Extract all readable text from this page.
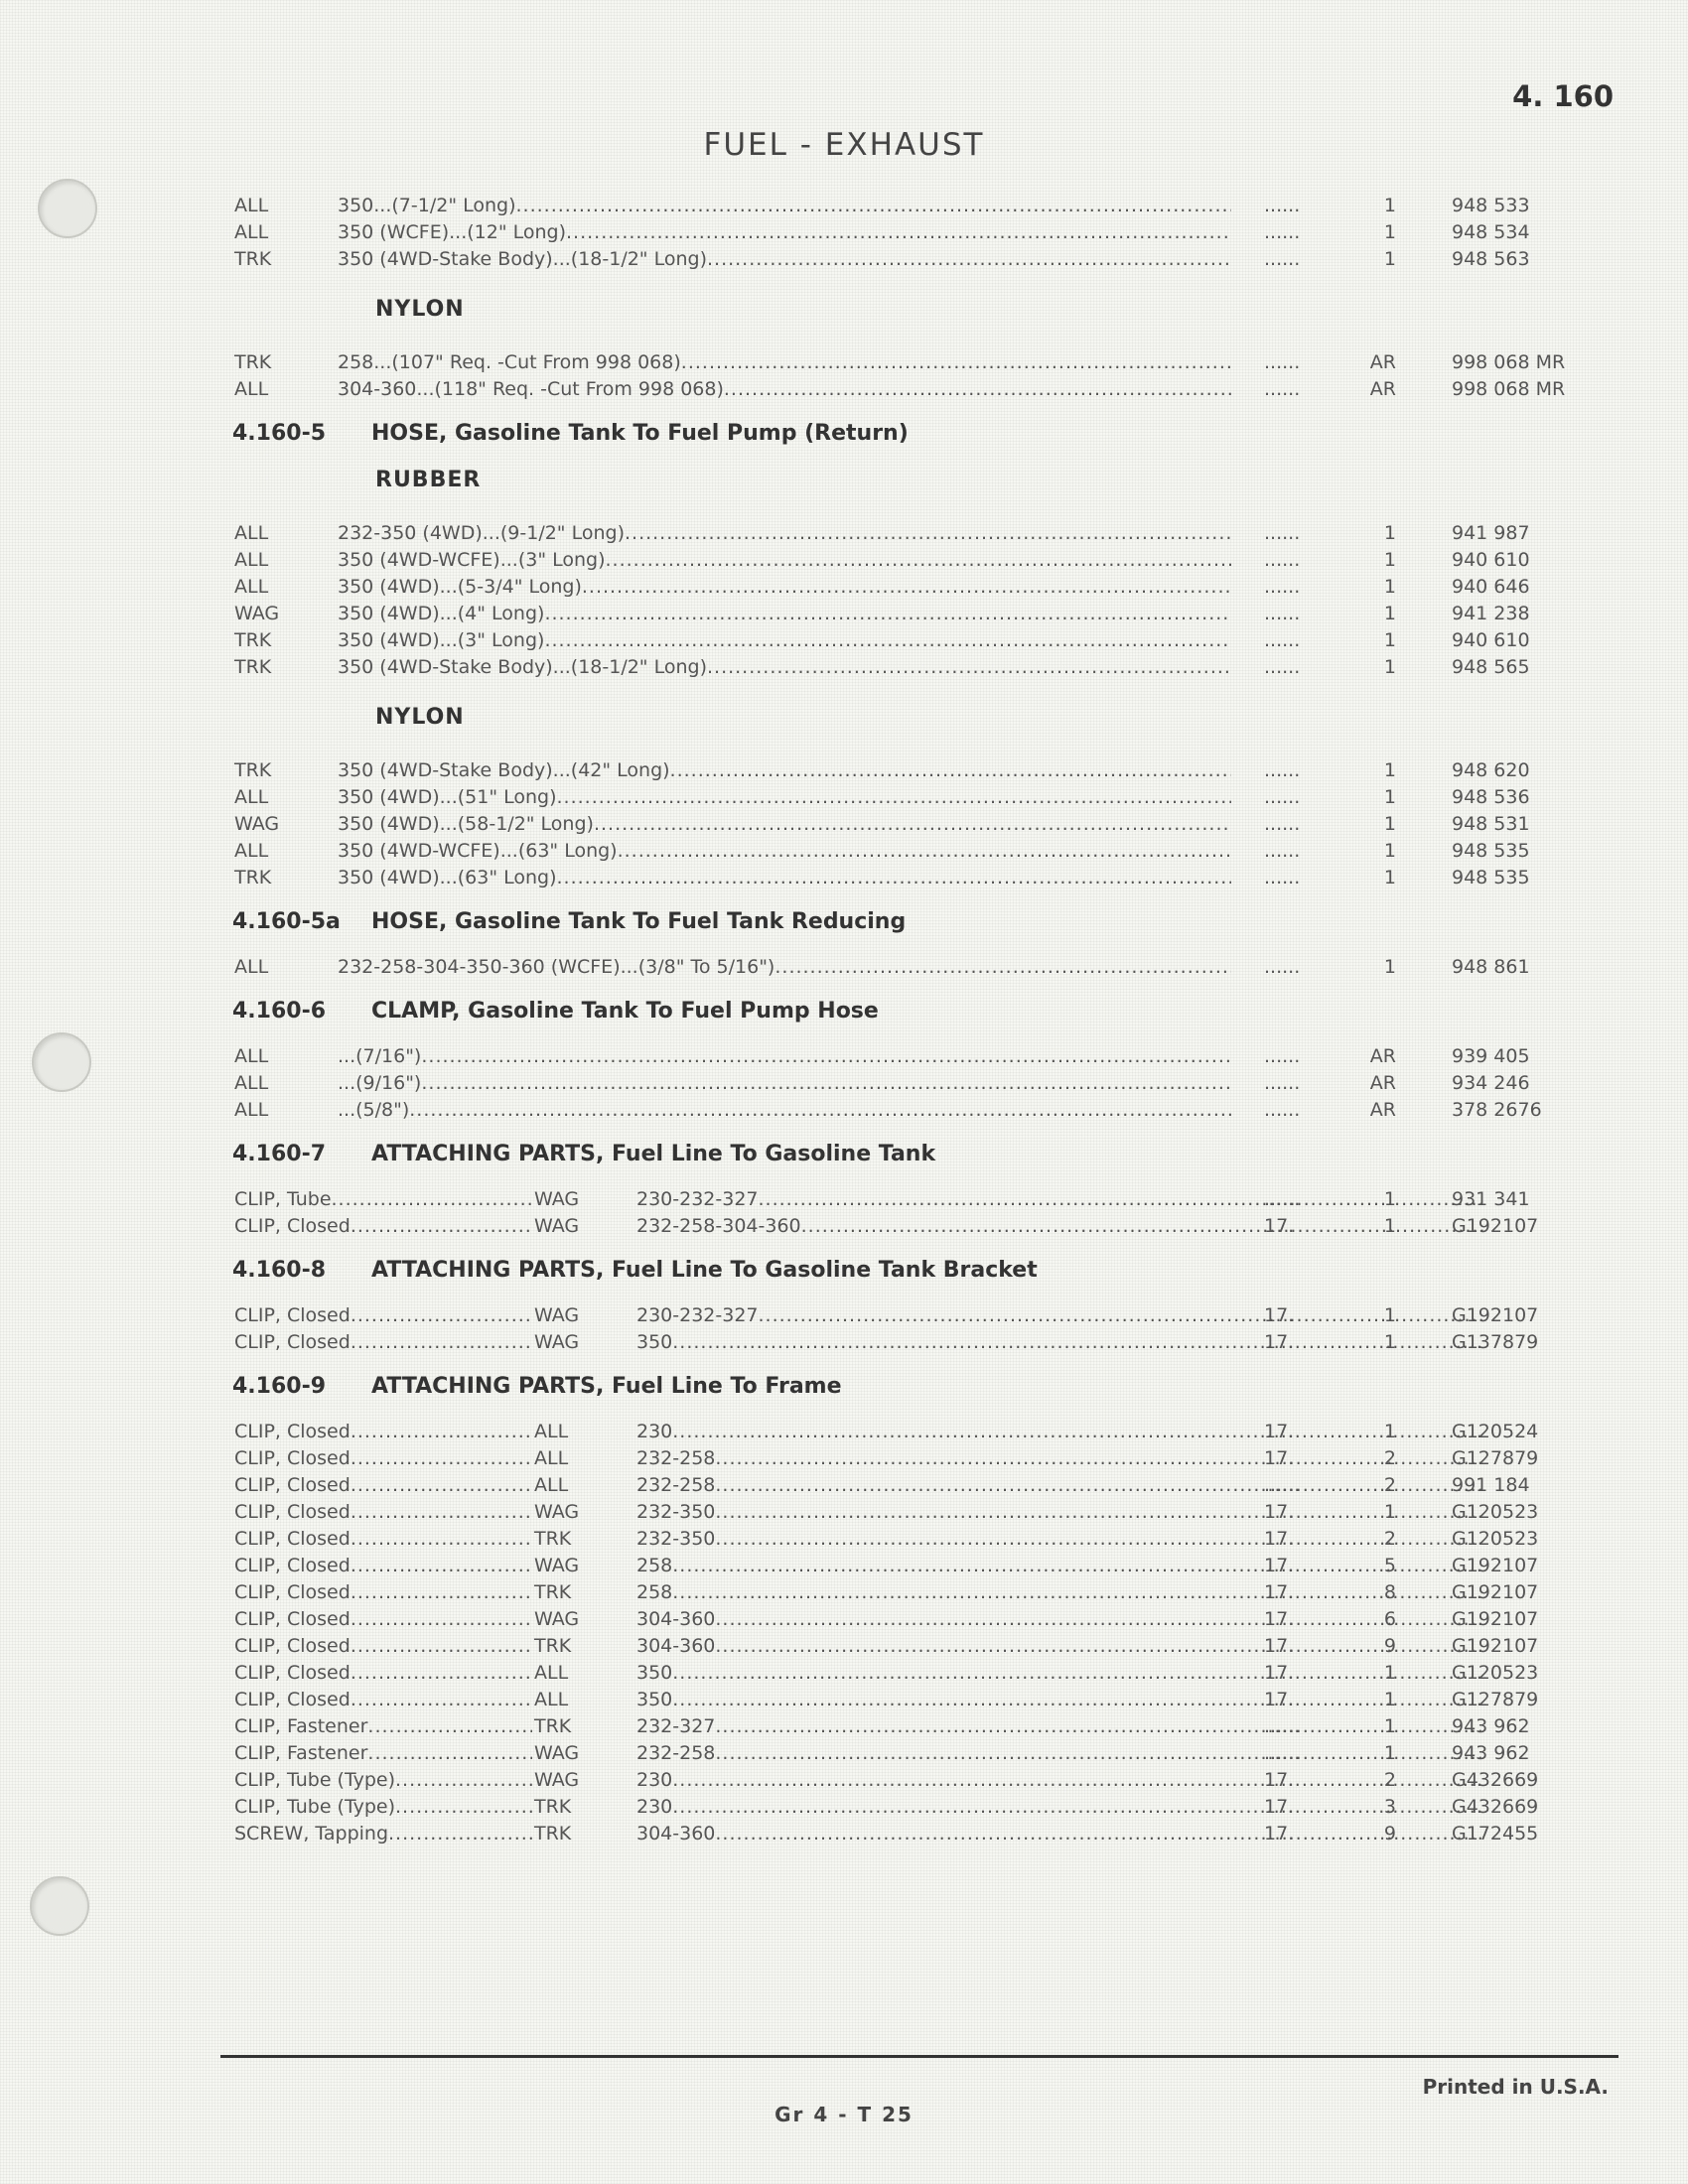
4. 160
FUEL - EXHAUST
ALL	350...(7-1/2" Long) .....	......	1	948 533
ALL	350 (WCFE)...(12" Long) .....	......	1	948 534
TRK	350 (4WD-Stake Body)...(18-1/2" Long) .....	......	1	948 563
NYLON
TRK	258...(107" Req. -Cut From 998 068) .....	......	AR	998 068 MR
ALL	304-360...(118" Req. -Cut From 998 068) .....	......	AR	998 068 MR
4.160-5 HOSE, Gasoline Tank To Fuel Pump (Return)
RUBBER
ALL	232-350 (4WD)...(9-1/2" Long) .....	......	1	941 987
ALL	350 (4WD-WCFE)...(3" Long) .....	......	1	940 610
ALL	350 (4WD)...(5-3/4" Long) .....	......	1	940 646
WAG	350 (4WD)...(4" Long) .....	......	1	941 238
TRK	350 (4WD)...(3" Long) .....	......	1	940 610
TRK	350 (4WD-Stake Body)...(18-1/2" Long) .....	......	1	948 565
NYLON
TRK	350 (4WD-Stake Body)...(42" Long) .....	......	1	948 620
ALL	350 (4WD)...(51" Long) .....	......	1	948 536
WAG	350 (4WD)...(58-1/2" Long) .....	......	1	948 531
ALL	350 (4WD-WCFE)...(63" Long) .....	......	1	948 535
TRK	350 (4WD)...(63" Long) .....	......	1	948 535
4.160-5a HOSE, Gasoline Tank To Fuel Tank Reducing
ALL	232-258-304-350-360 (WCFE)...(3/8" To 5/16") .....	......	1	948 861
4.160-6 CLAMP, Gasoline Tank To Fuel Pump Hose
ALL	...(7/16") .....	......	AR	939 405
ALL	...(9/16") .....	......	AR	934 246
ALL	...(5/8") .....	......	AR	378 2676
4.160-7 ATTACHING PARTS, Fuel Line To Gasoline Tank
CLIP, Tube .....	WAG	230-232-327 .....	......	1	931 341
CLIP, Closed .....	WAG	232-258-304-360 .....	17.	1	G192107
4.160-8 ATTACHING PARTS, Fuel Line To Gasoline Tank Bracket
CLIP, Closed .....	WAG	230-232-327 .....	17.	1	G192107
CLIP, Closed .....	WAG	350 .....	17.	1	G137879
4.160-9 ATTACHING PARTS, Fuel Line To Frame
CLIP, Closed .....	ALL	230 .....	17.	1	G120524
CLIP, Closed .....	ALL	232-258 .....	17.	2	G127879
CLIP, Closed .....	ALL	232-258 .....	......	2	991 184
CLIP, Closed .....	WAG	232-350 .....	17.	1	G120523
CLIP, Closed .....	TRK	232-350 .....	17.	2	G120523
CLIP, Closed .....	WAG	258 .....	17.	5	G192107
CLIP, Closed .....	TRK	258 .....	17.	8	G192107
CLIP, Closed .....	WAG	304-360 .....	17.	6	G192107
CLIP, Closed .....	TRK	304-360 .....	17.	9	G192107
CLIP, Closed .....	ALL	350 .....	17.	1	G120523
CLIP, Closed .....	ALL	350 .....	17.	1	G127879
CLIP, Fastener .....	TRK	232-327 .....	......	1	943 962
CLIP, Fastener .....	WAG	232-258 .....	......	1	943 962
CLIP, Tube (Type) .....	WAG	230 .....	17.	2	G432669
CLIP, Tube (Type) .....	TRK	230 .....	17.	3	G432669
SCREW, Tapping .....	TRK	304-360 .....	17.	9	G172455
Printed in U.S.A.
Gr 4 - T 25
